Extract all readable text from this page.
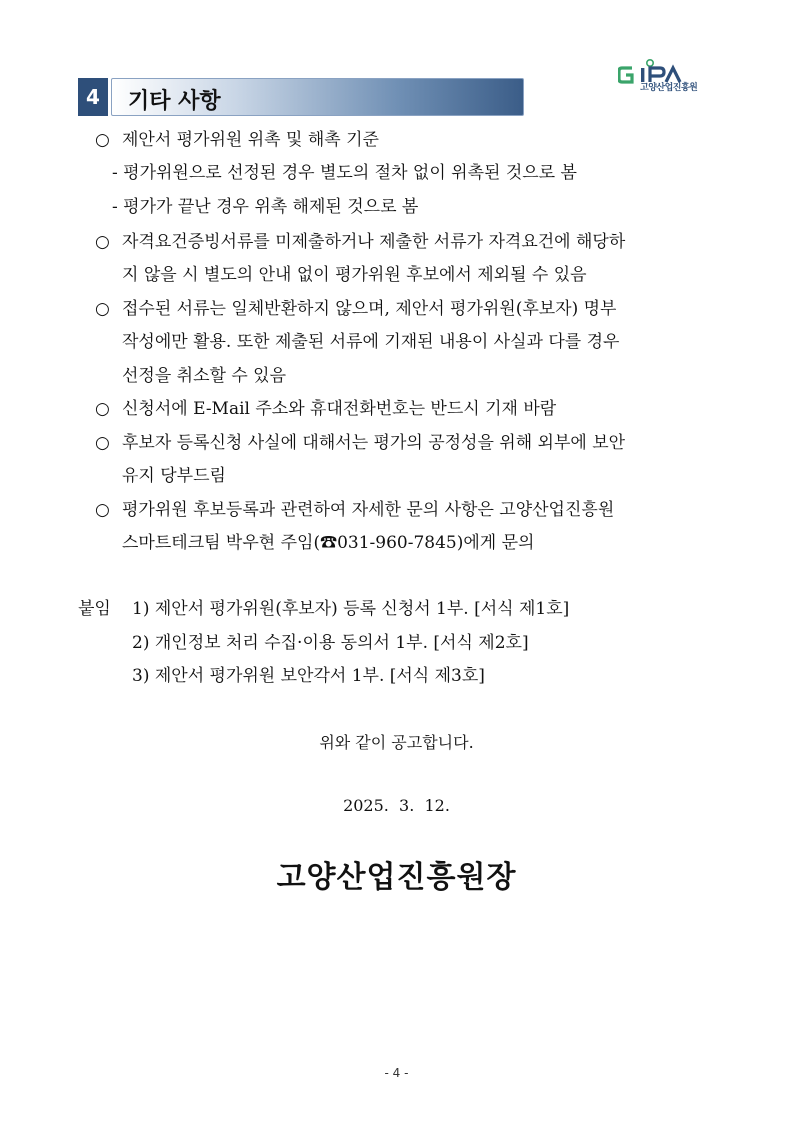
4	기타 사항
고양산업진흥원
○ 제안서 평가위원 위촉 및 해촉 기준
- 평가위원으로 선정된 경우 별도의 절차 없이 위촉된 것으로 봄
- 평가가 끝난 경우 위촉 해제된 것으로 봄
○ 자격요건증빙서류를 미제출하거나 제출한 서류가 자격요건에 해당하
지 않을 시 별도의 안내 없이 평가위원 후보에서 제외될 수 있음
○ 접수된 서류는 일체반환하지 않으며, 제안서 평가위원(후보자) 명부
작성에만 활용. 또한 제출된 서류에 기재된 내용이 사실과 다를 경우
선정을 취소할 수 있음
○ 신청서에 E-Mail 주소와 휴대전화번호는 반드시 기재 바람
○ 후보자 등록신청 사실에 대해서는 평가의 공정성을 위해 외부에 보안
유지 당부드림
○ 평가위원 후보등록과 관련하여 자세한 문의 사항은 고양산업진흥원
스마트테크팀 박우현 주임(☎031-960-7845)에게 문의
붙임 1) 제안서 평가위원(후보자) 등록 신청서 1부. [서식 제1호]
2) 개인정보 처리 수집·이용 동의서 1부. [서식 제2호]
3) 제안서 평가위원 보안각서 1부. [서식 제3호]
위와 같이 공고합니다.
2025.  3.  12.
고양산업진흥원장
- 4 -
